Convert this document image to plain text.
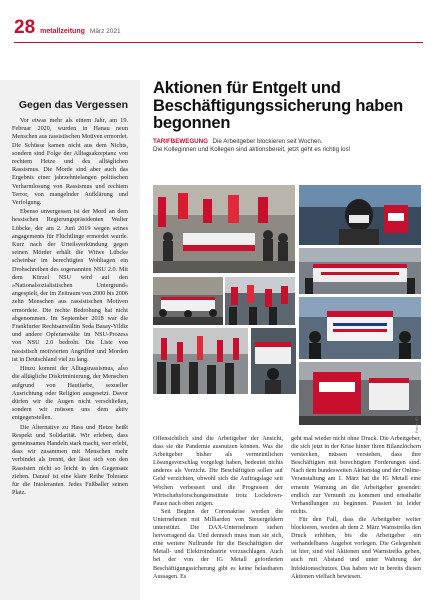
28 metallzeitung März 2021
Gegen das Vergessen

Vor etwas mehr als einem Jahr, am 19. Februar 2020, wurden in Hanau neun Menschen aus rassistischen Motiven ermordet. Die Schüsse kamen nicht aus dem Nichts, sondern sind Folge der Alltagsakzeptanz von rechtem Hetze und des alltäglichen Rassismus. Die Morde sind aber auch das Ergebnis einer jahrzehntelangen politischen Verharmlosung von Rassismus und rechtem Terror, von mangelnder Aufklärung und Verfolgung.

Ebenso unvergessen ist der Mord an dem hessischen Regierungspräsidenten Walter Lübcke, der am 2. Juni 2019 wegen seines angagements für Flüchtlinge ermordet wurde. Kurz nach der Urteilsverkündung gegen seinen Mörder erhält die Witwe Lübcke scheinbar im berechtigten Wohltagen ein Drohschreiben des sogenannten NSU 2.0. Mit dem Kürzel NSU wird auf den »Nationalsozialistischen Untergrund« angespielt, der im Zeitraum von 2000 bis 2006 zehn Menschen aus rassistischen Motiven ermordete. Die rechte Bedrohung hat nicht abgenommen. Im September 2018 war die Frankfurter Rechtsanwältin Seda Basay-Yildiz und andere Opferanwälte im NSU-Prozess von NSU 2.0 bedroht. Die Liste von rassistisch motivierten Angriffen und Morden ist in Deutschland viel zu lang.

Hinzu kommt der Alltagsrassismus, also die alltägliche Diskriminierung, der Menschen aufgrund von Hautfarbe, sexueller Ausrichtung oder Religion ausgesetzt. Davor dürfen wir die Augen nicht verschließen, sondern wir müssen uns dem aktiv entgegenstellen.

Die Alternative zu Hass und Hetze heißt Respekt und Solidarität. Wir erleben, dass gemeinsames Handeln stark macht, wer erlebt, dass wir zusammen mit Menschen mehr verbindet als trennt, der lässt sich von den Rassisten nicht so leicht in den Gegensatz ziehen. Darauf ist eine klare Reihe Toleranz für die Intoleranten. Jedes Fußballer seinen Platz.

Aktionen für Entgelt und Beschäftigungssicherung haben begonnen
TARIFBEWEGUNG Die Arbeitgeber blockieren seit Wochen.
Die Kolleginnen und Kollegen sind aktionsbereit, jetzt geht es richtig los!
Fotos: IG Metall

Offensichtlich sind die Arbeitgeber der Ansicht, dass sie die Pandemie ausnutzen können. Was die Arbeitgeber bisher als vermeintlichen Lösungsvorschlag vorgelegt haben, bedeutet nichts anderes als Verzicht. Die Beschäftigten sollen auf Geld verzichten, obwohl sich die Auftragslage seit Wochen verbessert und die Prognosen der Wirtschaftsforschungsinstitute trotz Lockdown-Pause nach oben zeigen.

Seit Beginn der Coronakrise werden die Unternehmen mit Milliarden von Steuergeldern unterstützt. Die DAX-Unternehmen stehen hervorragend da. Und dennoch muss man sie sich, eine weitere Nullrunde für die Beschäftigten der Metall- und Elektroindustrie vorzuschlagen. Auch bei der von der IG Metall geforderten Beschäftigungssicherung gibt es keine belastbaren Aussagen. Es

geht mal wieder nicht ohne Druck. Die Arbeitgeber, die sich jetzt in der Krise hinter ihren Bilanzlöchern verstecken, müssen verstehen, dass ihre Beschäftigten mit berechtigten Forderungen sind. Nach dem bundesweiten Aktionstag und der Online-Veranstaltung am 1. März hat die IG Metall eine erneute Warnung an die Arbeitgeber gesendet: endlich zur Vernunft zu kommen und ernsthafte Verhandlungen zu beginnen. Passiert ist leider nichts.

Für den Fall, dass die Arbeitgeber weiter blockieren, werden ab dem 2. März Warnstreiks den Druck erhöhen, bis die Arbeitgeber ein verhandelbares Angebot vorlegen. Die Gelegenheit ist hier, sind viel Aktionen und Warnstreiks geben, auch mit Abstand und unter Wahrung der Infektionsschutzes. Das haben wir in bereits diesen Aktionen vielfach bewiesen.
